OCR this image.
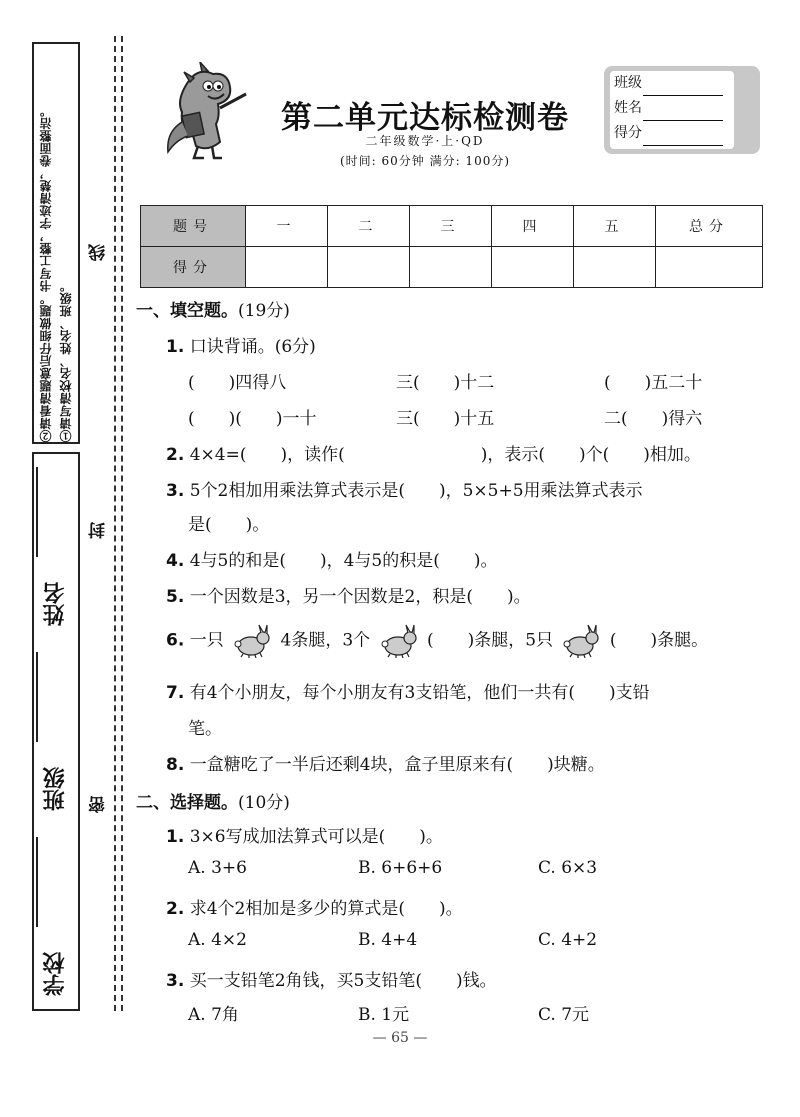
①请写清校名、姓名、班级。
②请看清题意后仔细做题。书写工整，字迹清楚，卷面整洁。
学校
班级
姓名
密
封
线
第二单元达标检测卷
二年级数学·上·QD
(时间: 60分钟 满分: 100分)
班级
姓名
得分
题号	一	二	三	四	五	总分
得分						
一、填空题。(19分)
1. 口诀背诵。(6分)
(　　)四得八	三(　　)十二	(　　)五二十
(　　)(　　)一十	三(　　)十五	二(　　)得六
2. 4×4=(　　)，读作(　　　　　　　　)，表示(　　)个(　　)相加。
3. 5个2相加用乘法算式表示是(　　)，5×5+5用乘法算式表示
是(　　)。
4. 4与5的和是(　　)，4与5的积是(　　)。
5. 一个因数是3，另一个因数是2，积是(　　)。
6. 一只	4条腿，3个	(　　)条腿，5只	(　　)条腿。
7. 有4个小朋友，每个小朋友有3支铅笔，他们一共有(　　)支铅
笔。
8. 一盒糖吃了一半后还剩4块，盒子里原来有(　　)块糖。
二、选择题。(10分)
1. 3×6写成加法算式可以是(　　)。
A. 3+6	B. 6+6+6	C. 6×3
2. 求4个2相加是多少的算式是(　　)。
A. 4×2	B. 4+4	C. 4+2
3. 买一支铅笔2角钱，买5支铅笔(　　)钱。
A. 7角	B. 1元	C. 7元
— 65 —
